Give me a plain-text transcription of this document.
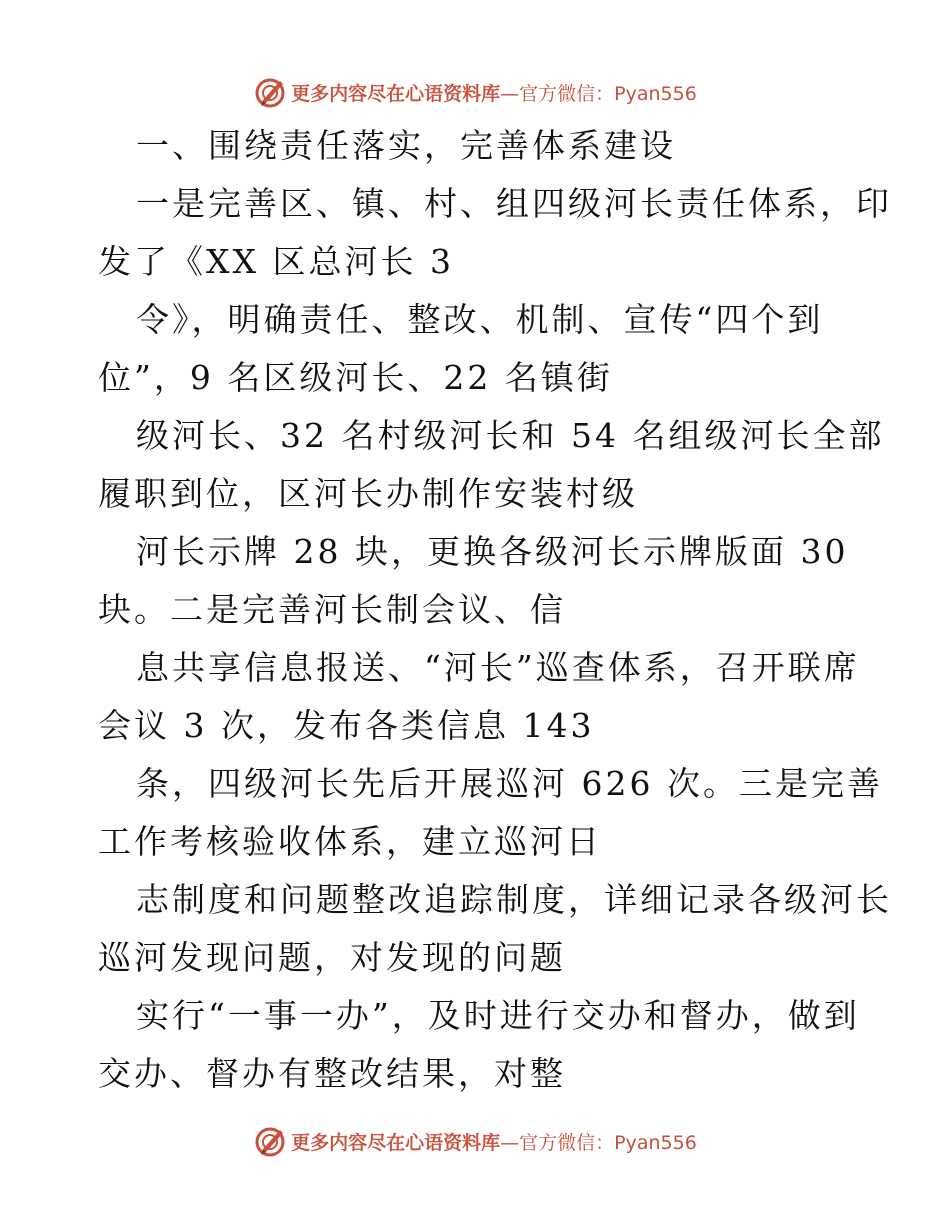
更多内容尽在心语资料库 —官方微信：Pyan556
一、围绕责任落实，完善体系建设
一是完善区、镇、村、组四级河长责任体系，印
发了《XX 区总河长 3
令》，明确责任、整改、机制、宣传“四个到
位”，9 名区级河长、22 名镇街
级河长、32 名村级河长和 54 名组级河长全部
履职到位，区河长办制作安装村级
河长示牌 28 块，更换各级河长示牌版面 30
块。二是完善河长制会议、信
息共享信息报送、“河长”巡查体系，召开联席
会议 3 次，发布各类信息 143
条，四级河长先后开展巡河 626 次。三是完善
工作考核验收体系，建立巡河日
志制度和问题整改追踪制度，详细记录各级河长
巡河发现问题，对发现的问题
实行“一事一办”，及时进行交办和督办，做到
交办、督办有整改结果，对整
更多内容尽在心语资料库 —官方微信：Pyan556
